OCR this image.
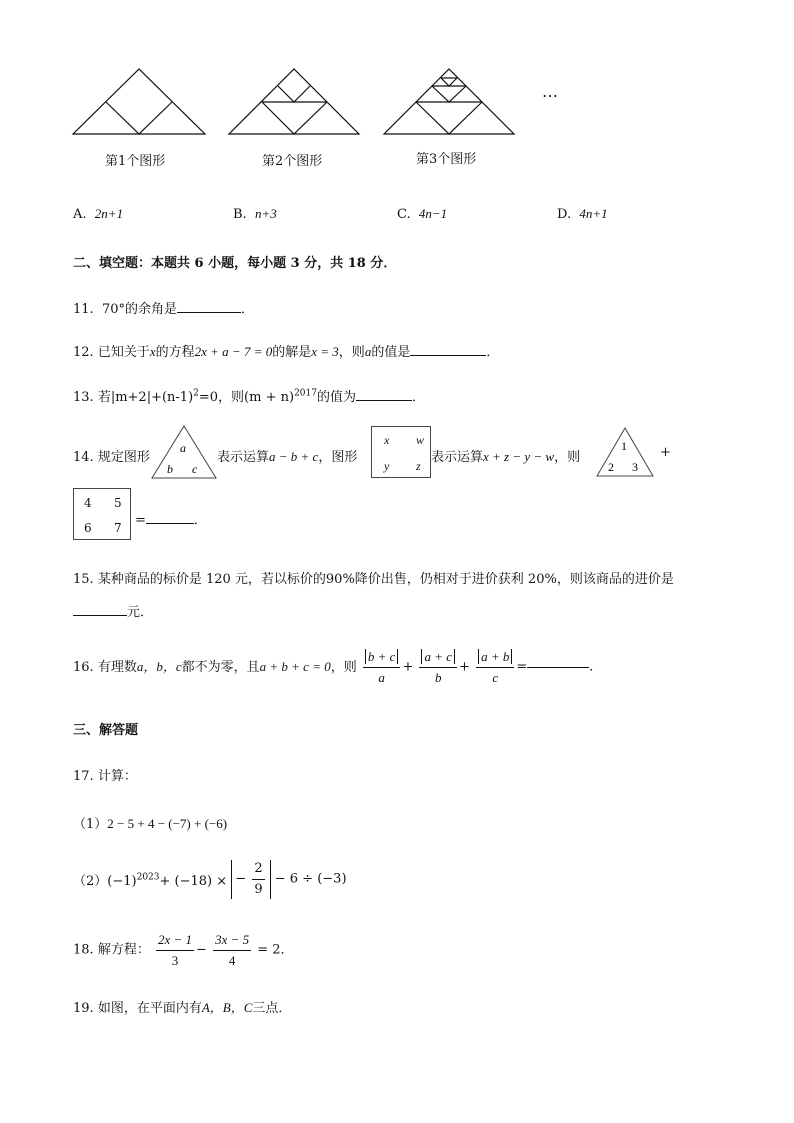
…
第1个图形	第2个图形	第3个图形
A. 2n+1	B. n+3	C. 4n−1	D. 4n+1
二、填空题：本题共 6 小题，每小题 3 分，共 18 分．
11. 70°的余角是	．
12. 已知关于x的方程2x + a − 7 = 0的解是x = 3，则a的值是	．
13. 若$|m+2|+(n-1)^2=0$，则$(m + n)^{2017}$的值为	．
14. 规定图形
a
b c
表示运算a − b + c，图形
x w
y z
表示运算x + z − y − w，则
1
2 3
+
4 5
6 7 =	．
15. 某种商品的标价是 120 元，若以标价的90%降价出售，仍相对于进价获利 20%，则该商品的进价是
元．
16. 有理数a，b，c都不为零，且a + b + c = 0，则 $\frac{b + c}{a} + \frac{a + c}{b} + \frac{a + b}{c}$ =	．
三、解答题
17. 计算：
（1）2 − 5 + 4 − (−7) + (−6)
$(2)(-1)^{2023}+ (-18)$ × − $\frac{2}{9} - 6 \div (-3)$
18. 解方程： $\frac{2x - 1}{3} - \frac{3x - 5}{4} = 2$．
19. 如图，在平面内有A，B，C三点．
